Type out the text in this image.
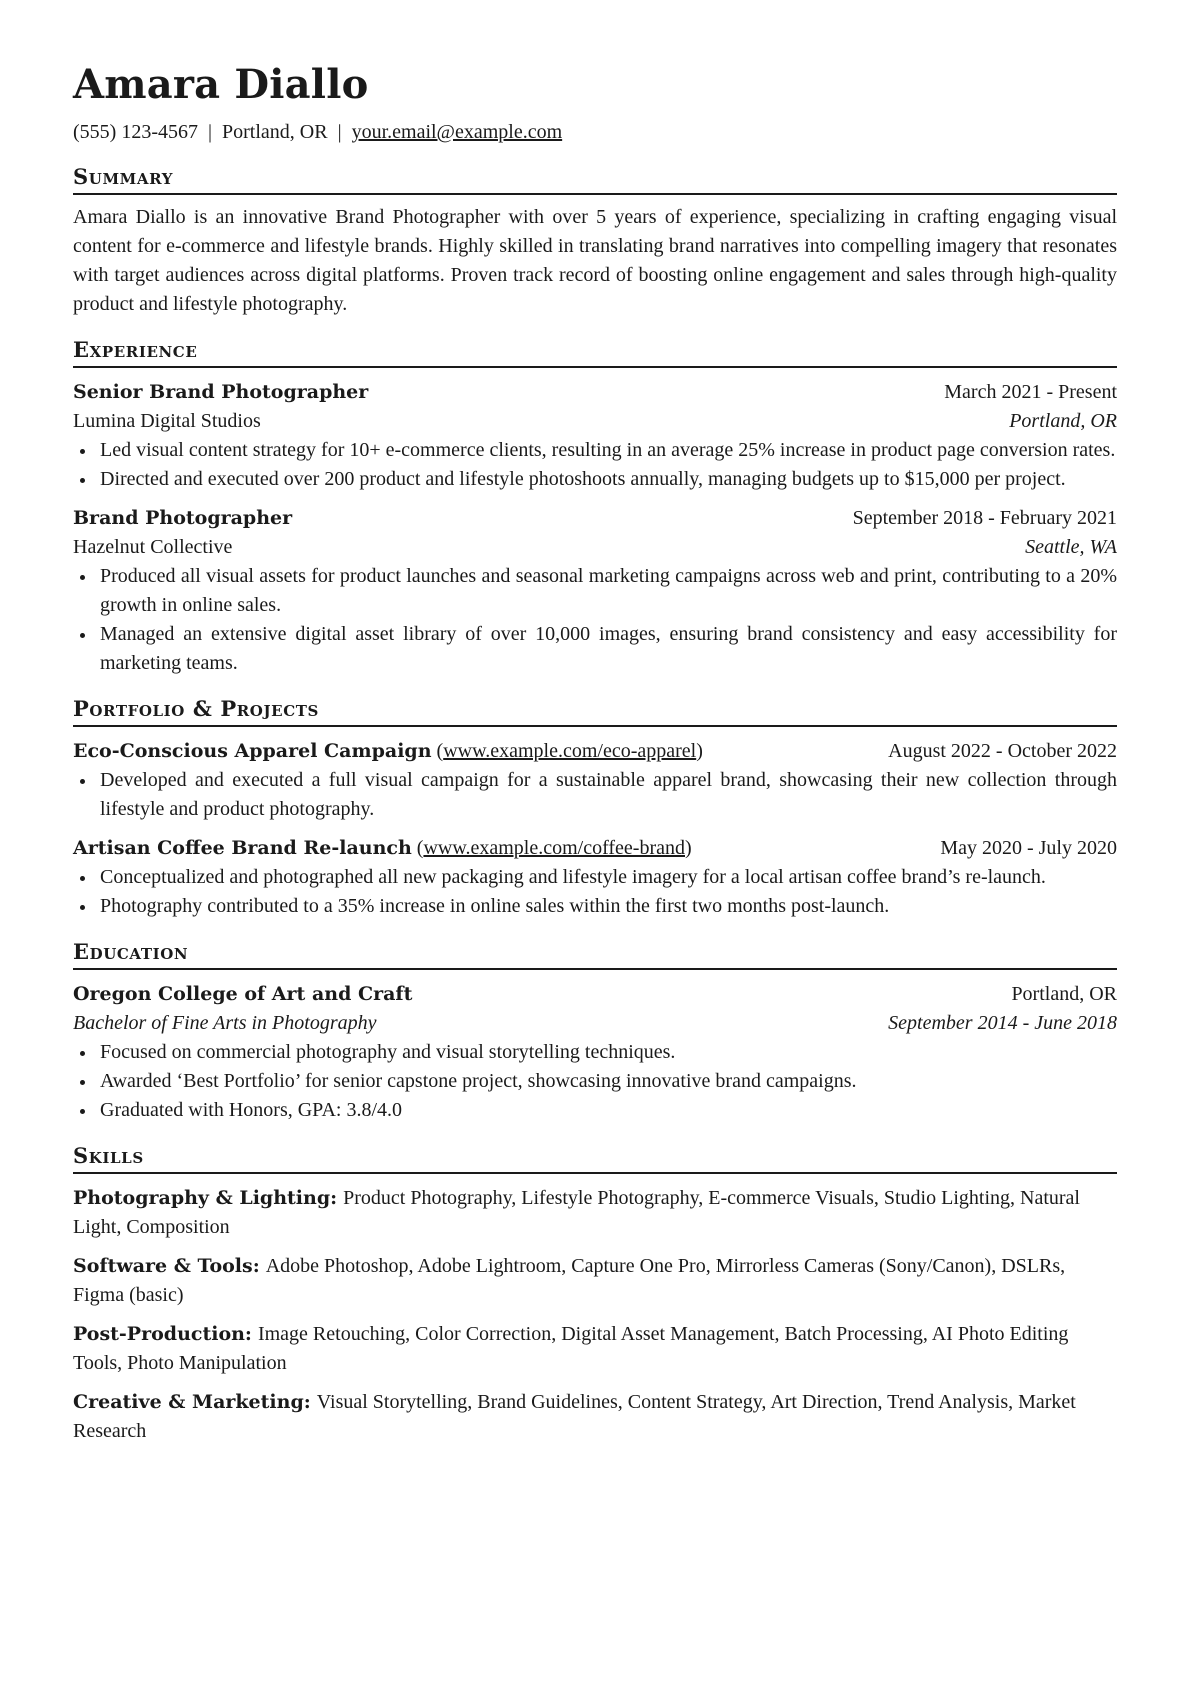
Amara Diallo
(555) 123-4567 | Portland, OR | your.email@example.com
Summary
Amara Diallo is an innovative Brand Photographer with over 5 years of experience, specializing in crafting engaging visual content for e-commerce and lifestyle brands. Highly skilled in translating brand narratives into compelling imagery that resonates with target audiences across digital platforms. Proven track record of boosting online engagement and sales through high-quality product and lifestyle photography.
Experience
Senior Brand Photographer	March 2021 - Present
Lumina Digital Studios	Portland, OR
Led visual content strategy for 10+ e-commerce clients, resulting in an average 25% increase in product page conversion rates.
Directed and executed over 200 product and lifestyle photoshoots annually, managing budgets up to $15,000 per project.
Brand Photographer	September 2018 - February 2021
Hazelnut Collective	Seattle, WA
Produced all visual assets for product launches and seasonal marketing campaigns across web and print, contributing to a 20% growth in online sales.
Managed an extensive digital asset library of over 10,000 images, ensuring brand consistency and easy accessibility for marketing teams.
Portfolio & Projects
Eco-Conscious Apparel Campaign (www.example.com/eco-apparel)	August 2022 - October 2022
Developed and executed a full visual campaign for a sustainable apparel brand, showcasing their new collection through lifestyle and product photography.
Artisan Coffee Brand Re-launch (www.example.com/coffee-brand)	May 2020 - July 2020
Conceptualized and photographed all new packaging and lifestyle imagery for a local artisan coffee brand’s re-launch.
Photography contributed to a 35% increase in online sales within the first two months post-launch.
Education
Oregon College of Art and Craft	Portland, OR
Bachelor of Fine Arts in Photography	September 2014 - June 2018
Focused on commercial photography and visual storytelling techniques.
Awarded ‘Best Portfolio’ for senior capstone project, showcasing innovative brand campaigns.
Graduated with Honors, GPA: 3.8/4.0
Skills
Photography & Lighting: Product Photography, Lifestyle Photography, E-commerce Visuals, Studio Lighting, Natural Light, Composition
Software & Tools: Adobe Photoshop, Adobe Lightroom, Capture One Pro, Mirrorless Cameras (Sony/Canon), DSLRs, Figma (basic)
Post-Production: Image Retouching, Color Correction, Digital Asset Management, Batch Processing, AI Photo Editing Tools, Photo Manipulation
Creative & Marketing: Visual Storytelling, Brand Guidelines, Content Strategy, Art Direction, Trend Analysis, Market Research
